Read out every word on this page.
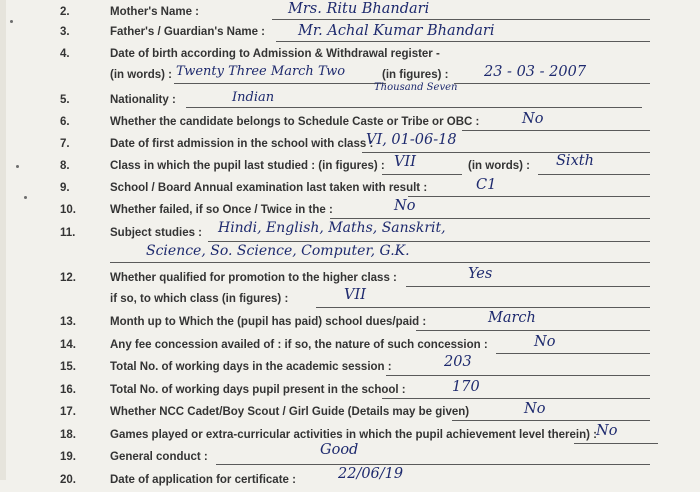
2.	Mother's Name :	Mrs. Ritu Bhandari
3.	Father's / Guardian's Name : Mr. Achal Kumar Bhandari
4.	Date of birth according to Admission & Withdrawal register -
(in words) : Twenty Three March Two	(in figures) : 23 - 03 - 2007
Thousand Seven
5.	Nationality :	Indian
6.	Whether the candidate belongs to Schedule Caste or Tribe or OBC :	No
7.	Date of first admission in the school with class :
VI, 01-06-18
8.	Class in which the pupil last studied : (in figures) : VII	(in words) : Sixth
9.	School / Board Annual examination last taken with result :	C1
10.	Whether failed, if so Once / Twice in the :	No
11.	Subject studies : Hindi, English, Maths, Sanskrit,
Science, So. Science, Computer, G.K.
12.	Whether qualified for promotion to the higher class :	Yes
if so, to which class (in figures) :	VII
13.	Month up to Which the (pupil has paid) school dues/paid :	March
14.	Any fee concession availed of : if so, the nature of such concession :	No
15.	Total No. of working days in the academic session :	203
16.	Total No. of working days pupil present in the school :	170
17.	Whether NCC Cadet/Boy Scout / Girl Guide (Details may be given)	No
18.	Games played or extra-curricular activities in which the pupil achievement level therein) : No
19.	General conduct :	Good
20.	Date of application for certificate :	22/06/19
